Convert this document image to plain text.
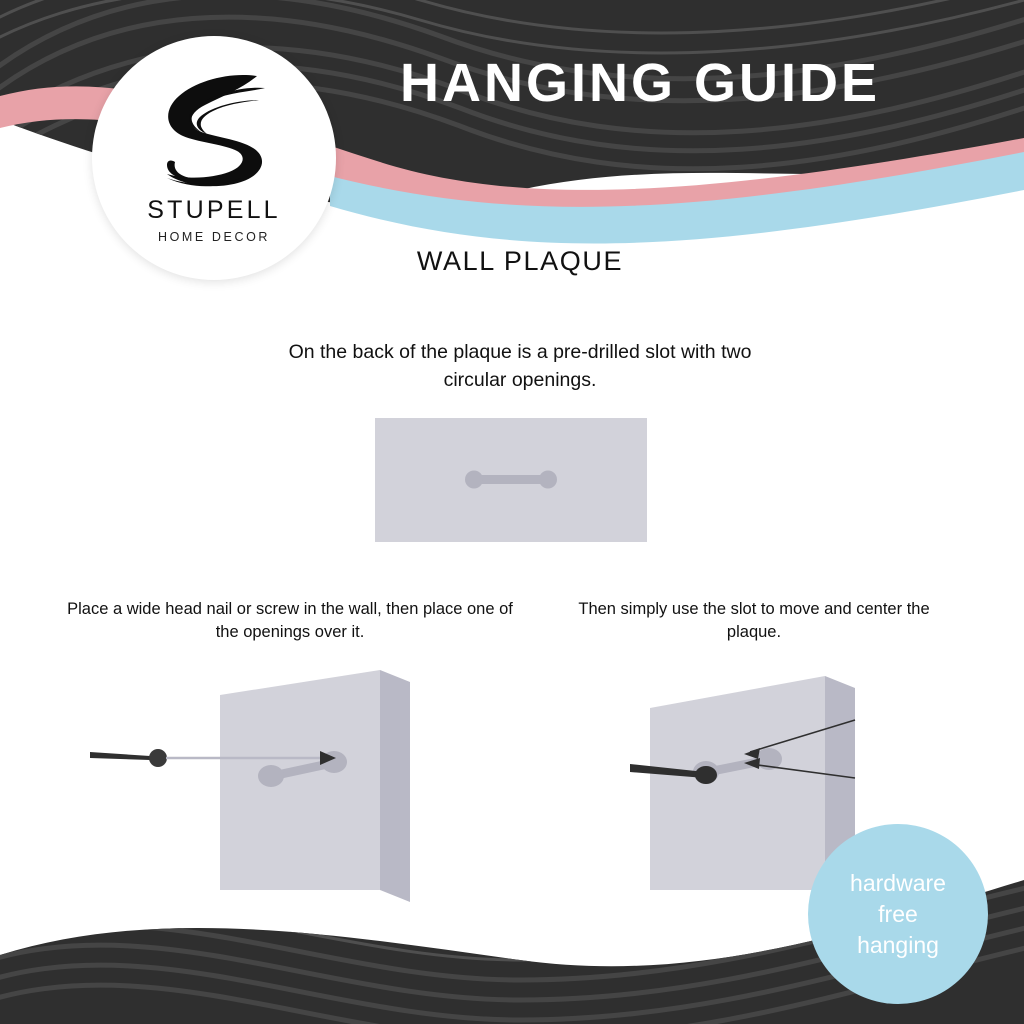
STUPELL
HOME DECOR
HANGING GUIDE
WALL PLAQUE
On the back of the plaque is a pre-drilled slot with two circular openings.
Place a wide head nail or screw in the wall, then place one of the openings over it.
Then simply use the slot to move and center the plaque.
hardware
free
hanging
